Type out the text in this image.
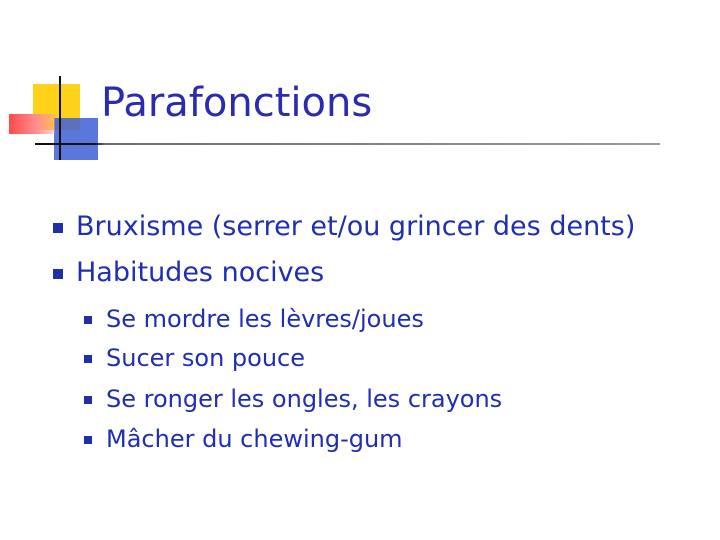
Parafonctions
Bruxisme (serrer et/ou grincer des dents)
Habitudes nocives
Se mordre les lèvres/joues
Sucer son pouce
Se ronger les ongles, les crayons
Mâcher du chewing-gum
